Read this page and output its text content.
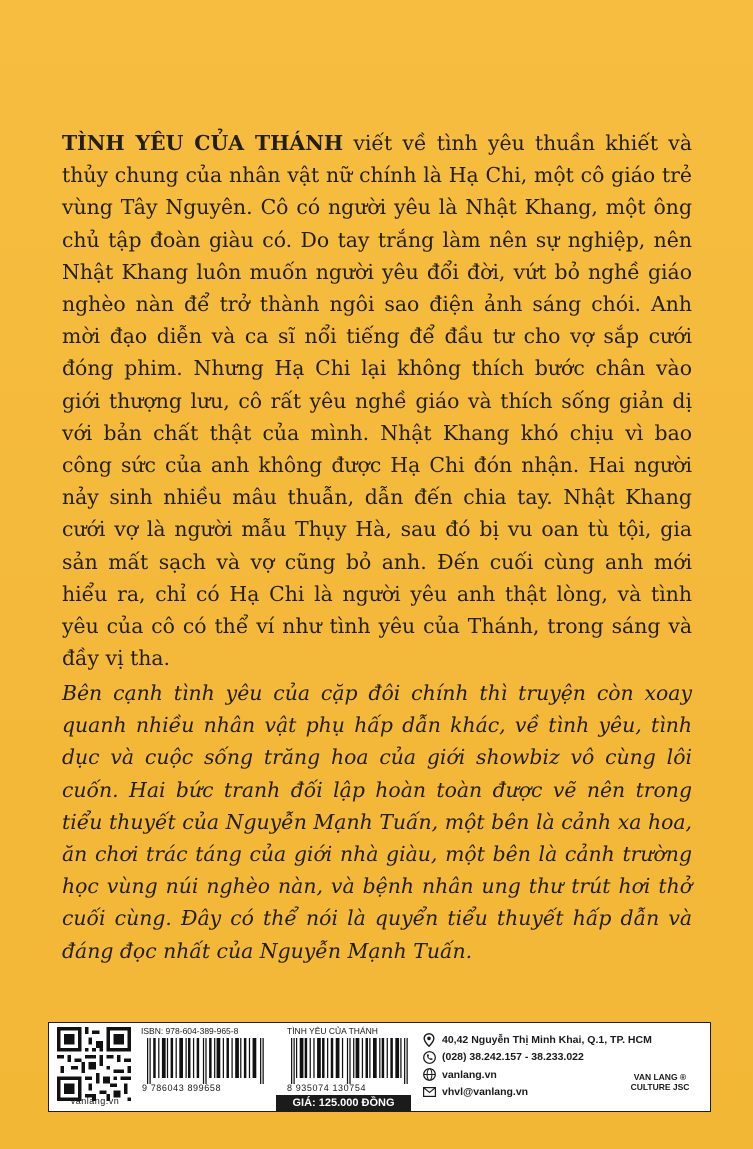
TÌNH YÊU CỦA THÁNH viết về tình yêu thuần khiết và thủy chung của nhân vật nữ chính là Hạ Chi, một cô giáo trẻ vùng Tây Nguyên. Cô có người yêu là Nhật Khang, một ông chủ tập đoàn giàu có. Do tay trắng làm nên sự nghiệp, nên Nhật Khang luôn muốn người yêu đổi đời, vứt bỏ nghề giáo nghèo nàn để trở thành ngôi sao điện ảnh sáng chói. Anh mời đạo diễn và ca sĩ nổi tiếng để đầu tư cho vợ sắp cưới đóng phim. Nhưng Hạ Chi lại không thích bước chân vào giới thượng lưu, cô rất yêu nghề giáo và thích sống giản dị với bản chất thật của mình. Nhật Khang khó chịu vì bao công sức của anh không được Hạ Chi đón nhận. Hai người nảy sinh nhiều mâu thuẫn, dẫn đến chia tay. Nhật Khang cưới vợ là người mẫu Thụy Hà, sau đó bị vu oan tù tội, gia sản mất sạch và vợ cũng bỏ anh. Đến cuối cùng anh mới hiểu ra, chỉ có Hạ Chi là người yêu anh thật lòng, và tình yêu của cô có thể ví như tình yêu của Thánh, trong sáng và đầy vị tha.

Bên cạnh tình yêu của cặp đôi chính thì truyện còn xoay quanh nhiều nhân vật phụ hấp dẫn khác, về tình yêu, tình dục và cuộc sống trăng hoa của giới showbiz vô cùng lôi cuốn. Hai bức tranh đối lập hoàn toàn được vẽ nên trong tiểu thuyết của Nguyễn Mạnh Tuấn, một bên là cảnh xa hoa, ăn chơi trác táng của giới nhà giàu, một bên là cảnh trường học vùng núi nghèo nàn, và bệnh nhân ung thư trút hơi thở cuối cùng. Đây có thể nói là quyển tiểu thuyết hấp dẫn và đáng đọc nhất của Nguyễn Mạnh Tuấn.

vanlang.vn
ISBN: 978-604-389-965-8	TÌNH YÊU CỦA THÁNH
9 786043 899658	8 935074 130754
GIÁ: 125.000 ĐỒNG
40,42 Nguyễn Thị Minh Khai, Q.1, TP. HCM
(028) 38.242.157 - 38.233.022
vanlang.vn
vhvl@vanlang.vn
VAN LANG ®
CULTURE JSC
